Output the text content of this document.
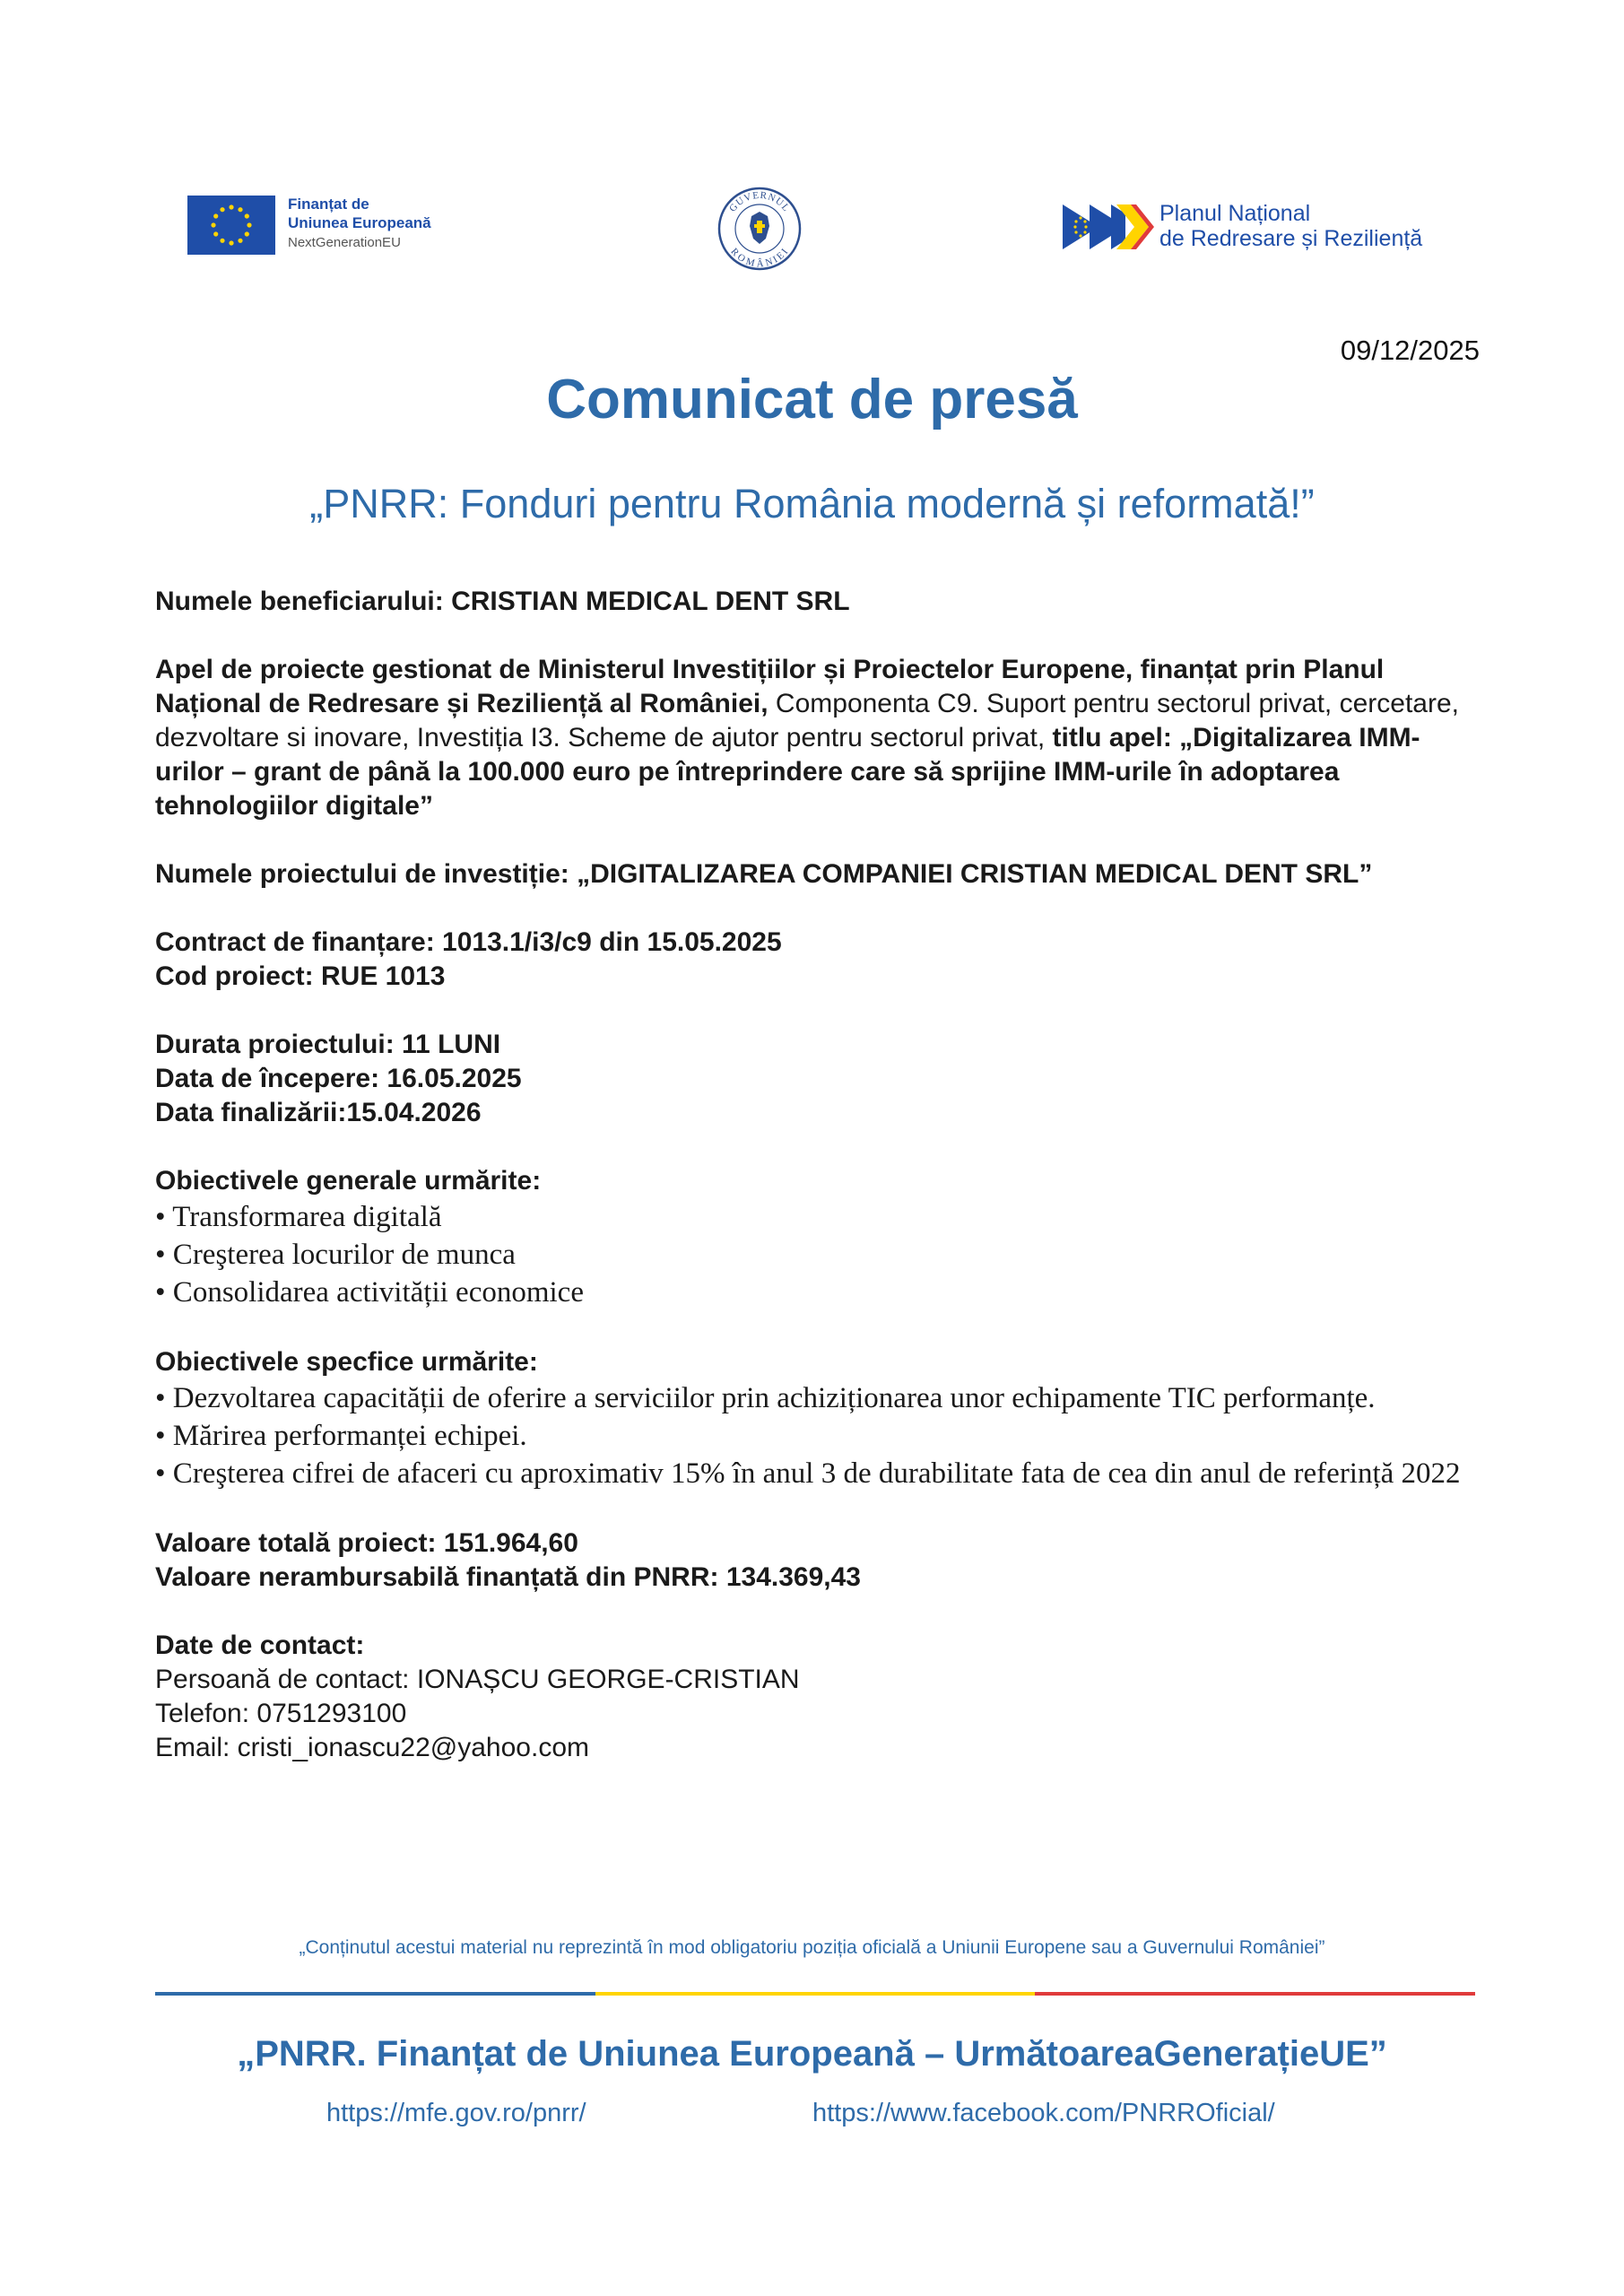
Finanțat de
Uniunea Europeană
NextGenerationEU
GUVERNUL
ROMÂNIEI
Planul Național
de Redresare și Reziliență
09/12/2025
Comunicat de presă
„PNRR: Fonduri pentru România modernă și reformată!”

Numele beneficiarului: CRISTIAN MEDICAL DENT SRL

Apel de proiecte gestionat de Ministerul Investițiilor și Proiectelor Europene, finanțat prin Planul Național de Redresare și Reziliență al României, Componenta C9. Suport pentru sectorul privat, cercetare, dezvoltare si inovare, Investiția I3. Scheme de ajutor pentru sectorul privat, titlu apel: „Digitalizarea IMM-urilor – grant de până la 100.000 euro pe întreprindere care să sprijine IMM-urile în adoptarea tehnologiilor digitale”

Numele proiectului de investiție: „DIGITALIZAREA COMPANIEI CRISTIAN MEDICAL DENT SRL”

Contract de finanțare: 1013.1/i3/c9 din 15.05.2025

Cod proiect: RUE 1013

Durata proiectului: 11 LUNI

Data de începere: 16.05.2025

Data finalizării:15.04.2026

Obiectivele generale urmărite:

• Transformarea digitală

• Creşterea locurilor de munca

• Consolidarea activității economice

Obiectivele specfice urmărite:

• Dezvoltarea capacității de oferire a serviciilor prin achiziționarea unor echipamente TIC performanțe.

• Mărirea performanței echipei.

• Creşterea cifrei de afaceri cu aproximativ 15% în anul 3 de durabilitate fata de cea din anul de referință 2022

Valoare totală proiect: 151.964,60

Valoare nerambursabilă finanțată din PNRR: 134.369,43

Date de contact:

Persoană de contact: IONAȘCU GEORGE-CRISTIAN

Telefon: 0751293100

Email: cristi_ionascu22@yahoo.com

„Conținutul acestui material nu reprezintă în mod obligatoriu poziția oficială a Uniunii Europene sau a Guvernului României”
„PNRR. Finanțat de Uniunea Europeană – UrmătoareaGenerațieUE”
https://mfe.gov.ro/pnrr/	https://www.facebook.com/PNRROficial/
